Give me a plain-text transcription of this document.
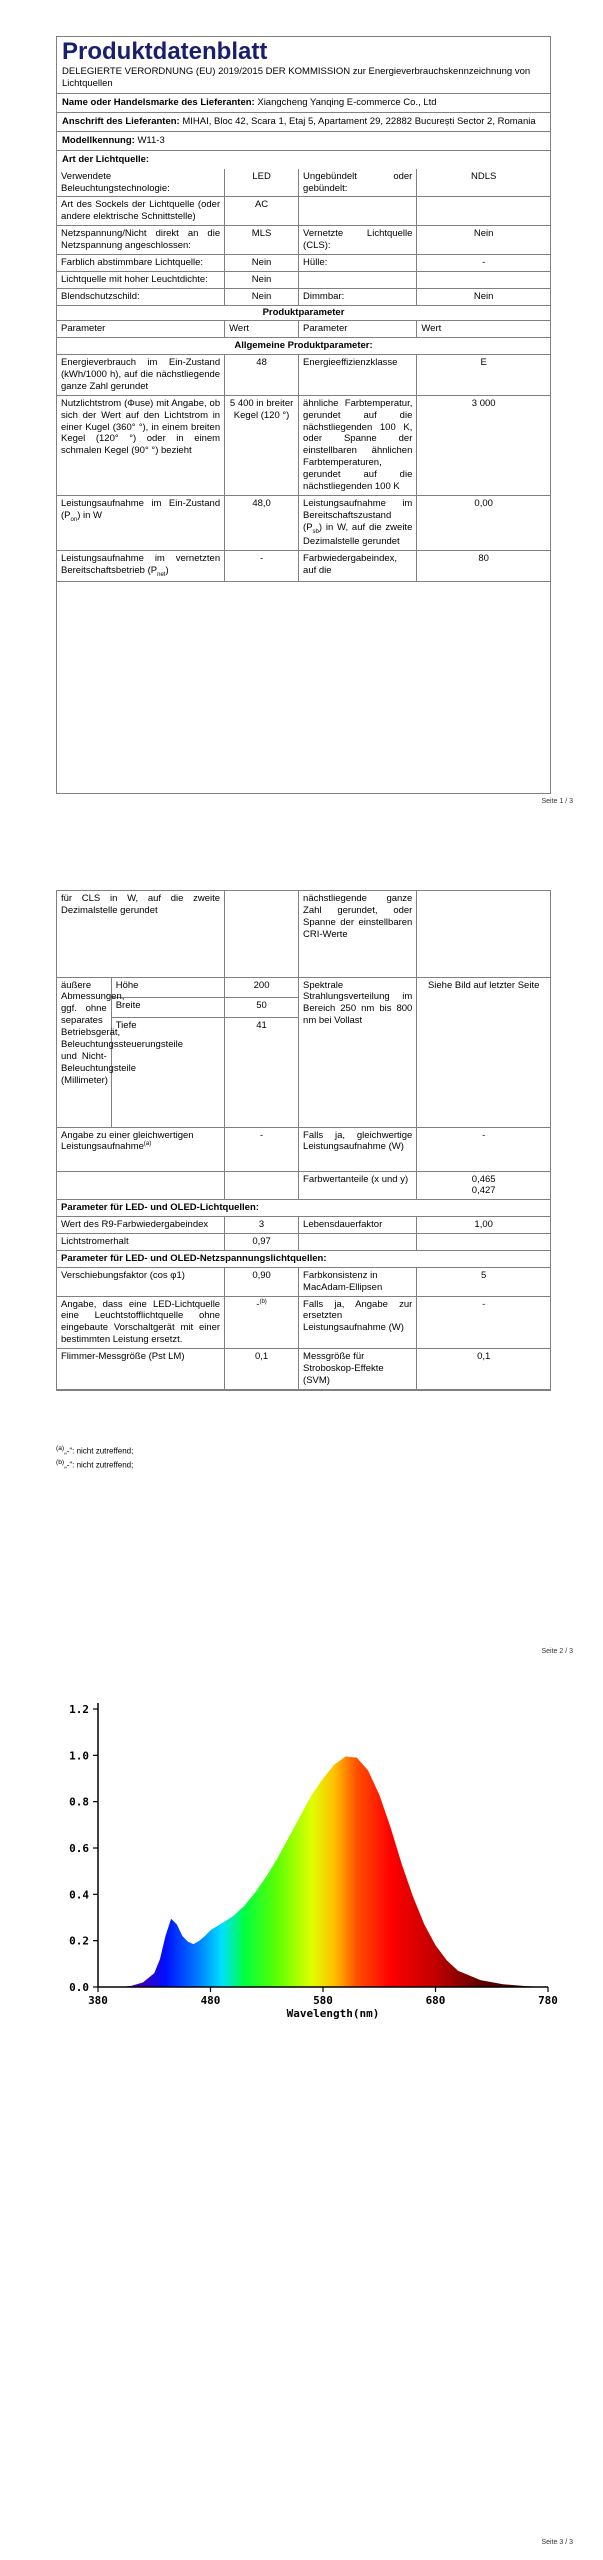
Produktdatenblatt
DELEGIERTE VERORDNUNG (EU) 2019/2015 DER KOMMISSION zur Energieverbrauchskennzeichnung von Lichtquellen
Name oder Handelsmarke des Lieferanten: Xiangcheng Yanqing E-commerce Co., Ltd
Anschrift des Lieferanten: MIHAI, Bloc 42, Scara 1, Etaj 5, Apartament 29, 22882 București Sector 2, Romania
Modellkennung: W11-3
Art der Lichtquelle:
Verwendete Beleuchtungstechnologie:	LED	Ungebündelt oder gebündelt:	NDLS
Art des Sockels der Lichtquelle (oder andere elektrische Schnittstelle)	AC		
Netzspannung/Nicht direkt an die Netzspannung angeschlossen:	MLS	Vernetzte Lichtquelle (CLS):	Nein
Farblich abstimmbare Lichtquelle:	Nein	Hülle:	-
Lichtquelle mit hoher Leuchtdichte:	Nein		
Blendschutzschild:	Nein	Dimmbar:	Nein
Produktparameter			
Parameter	Wert	Parameter	Wert
Allgemeine Produktparameter:			
Energieverbrauch im Ein-Zustand (kWh/1000 h), auf die nächstliegende ganze Zahl gerundet	48	Energieeffizienzklasse	E
Nutzlichtstrom (Φuse) mit Angabe, ob sich der Wert auf den Lichtstrom in einer Kugel (360° °), in einem breiten Kegel (120° °) oder in einem schmalen Kegel (90° °) bezieht	5 400 in breiter Kegel (120 °)	ähnliche Farbtemperatur, gerundet auf die nächstliegenden 100 K, oder Spanne der einstellbaren ähnlichen Farbtemperaturen, gerundet auf die nächstliegenden 100 K	3 000
Leistungsaufnahme im Ein-Zustand $(P_{on})$ in W	48,0	Leistungsaufnahme im Bereitschaftszustand $(P_{sb})$ in W, auf die zweite Dezimalstelle gerundet	0,00
Leistungsaufnahme im vernetzten Bereitschaftsbetrieb $(P_{net})$	-	Farbwiedergabeindex, auf die	80
Seite 1 / 3
für CLS in W, auf die zweite Dezimalstelle gerundet			nächstliegende ganze Zahl gerundet, oder Spanne der einstellbaren CRI-Werte	
äußere Abmessungen, ggf. ohne separates Betriebsgerät, Beleuchtungssteuerungsteile und Nicht-Beleuchtungsteile (Millimeter)	Höhe	200	Spektrale Strahlungsverteilung im Bereich 250 nm bis 800 nm bei Vollast	Siehe Bild auf letzter Seite
	Breite	50		
	Tiefe	41		
Angabe zu einer gleichwertigen Leistungsaufnahme$^{(a)}$		-	Falls ja, gleichwertige Leistungsaufnahme (W)	-
			Farbwertanteile (x und y)	0,465
0,427

Parameter für LED- und OLED-Lichtquellen:				
Wert des R9-Farbwiedergabeindex		3	Lebensdauerfaktor	1,00
Lichtstromerhalt		0,97		
Parameter für LED- und OLED-Netzspannungslichtquellen:				
Verschiebungsfaktor (cos φ1)		0,90	Farbkonsistenz in MacAdam-Ellipsen	5
Angabe, dass eine LED-Lichtquelle eine Leuchtstofflichtquelle ohne eingebaute Vorschaltgerät mit einer bestimmten Leistung ersetzt.		-$^{(b)}$	Falls ja, Angabe zur ersetzten Leistungsaufnahme (W)	-
Flimmer-Messgröße (Pst LM)		0,1	Messgröße für Stroboskop-Effekte (SVM)	0,1
$^{(a)}$„-“: nicht zutreffend;
$^{(b)}$„-“: nicht zutreffend;
Seite 2 / 3
0.0
0.2
0.4
0.6
0.8
1.0
1.2
380	480	580	680	780
Wavelength(nm)
Seite 3 / 3
